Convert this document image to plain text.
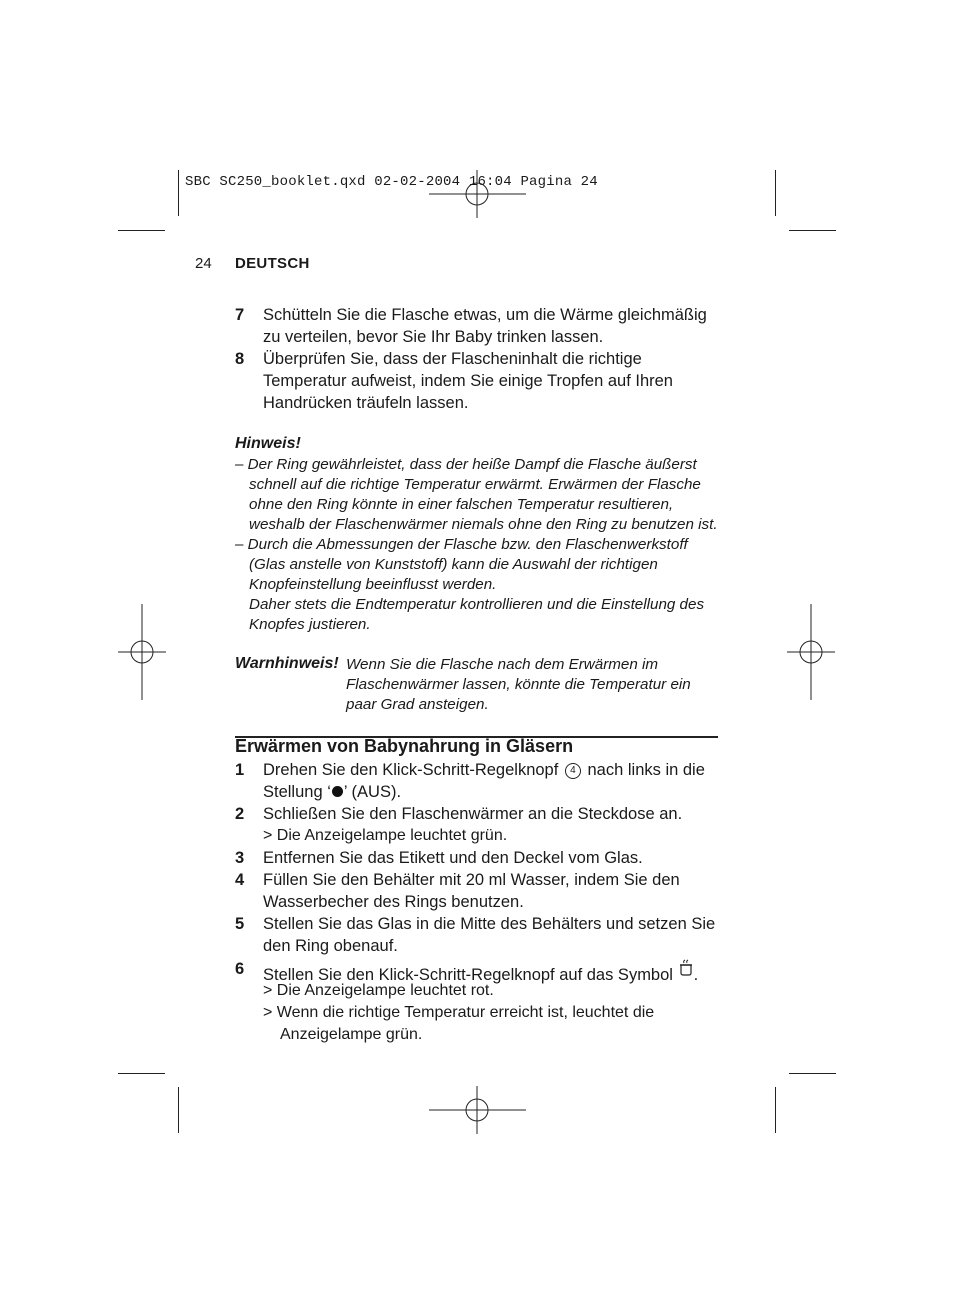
SBC SC250_booklet.qxd 02-02-2004 16:04 Pagina 24
24 DEUTSCH
7 Schütteln Sie die Flasche etwas, um die Wärme gleichmäßig
zu verteilen, bevor Sie Ihr Baby trinken lassen.
8 Überprüfen Sie, dass der Flascheninhalt die richtige
Temperatur aufweist, indem Sie einige Tropfen auf Ihren
Handrücken träufeln lassen.
Hinweis!
– Der Ring gewährleistet, dass der heiße Dampf die Flasche äußerst
schnell auf die richtige Temperatur erwärmt. Erwärmen der Flasche
ohne den Ring könnte in einer falschen Temperatur resultieren,
weshalb der Flaschenwärmer niemals ohne den Ring zu benutzen ist.
– Durch die Abmessungen der Flasche bzw. den Flaschenwerkstoff
(Glas anstelle von Kunststoff) kann die Auswahl der richtigen
Knopfeinstellung beeinflusst werden.
Daher stets die Endtemperatur kontrollieren und die Einstellung des
Knopfes justieren.
Warnhinweis! Wenn Sie die Flasche nach dem Erwärmen im
Flaschenwärmer lassen, könnte die Temperatur ein
paar Grad ansteigen.
Erwärmen von Babynahrung in Gläsern
1 Drehen Sie den Klick-Schritt-Regelknopf 4 nach links in die
Stellung ‘ ’ (AUS).
2 Schließen Sie den Flaschenwärmer an die Steckdose an.
> Die Anzeigelampe leuchtet grün.
3 Entfernen Sie das Etikett und den Deckel vom Glas.
4 Füllen Sie den Behälter mit 20 ml Wasser, indem Sie den
Wasserbecher des Rings benutzen.
5 Stellen Sie das Glas in die Mitte des Behälters und setzen Sie
den Ring obenauf.
6 Stellen Sie den Klick-Schritt-Regelknopf auf das Symbol .
> Die Anzeigelampe leuchtet rot.
> Wenn die richtige Temperatur erreicht ist, leuchtet die
Anzeigelampe grün.
